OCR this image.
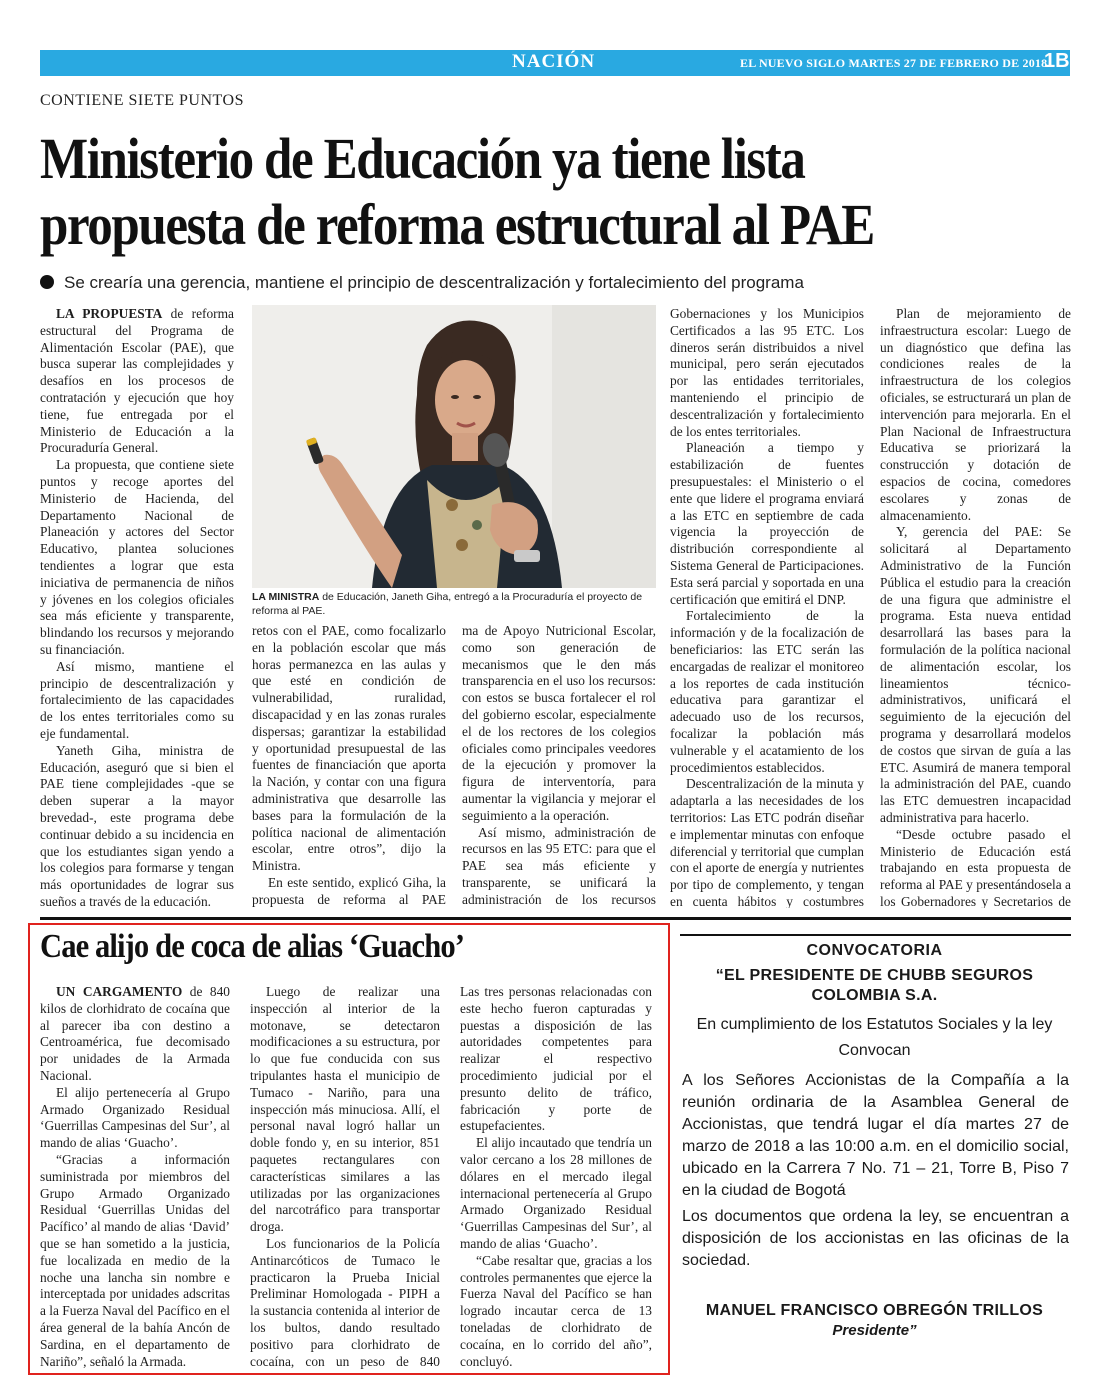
NACIÓN	EL NUEVO SIGLO MARTES 27 DE FEBRERO DE 2018
1B
CONTIENE SIETE PUNTOS
Ministerio de Educación ya tiene lista propuesta de reforma estructural al PAE
Se crearía una gerencia, mantiene el principio de descentralización y fortalecimiento del programa

LA PROPUESTA de reforma estructural del Programa de Alimentación Escolar (PAE), que busca superar las complejidades y desafíos en los procesos de contratación y ejecución que hoy tiene, fue entregada por el Ministerio de Educación a la Procuraduría General.

La propuesta, que contiene siete puntos y recoge aportes del Ministerio de Hacienda, del Departamento Nacional de Planeación y actores del Sector Educativo, plantea soluciones tendientes a lograr que esta iniciativa de permanencia de niños y jóvenes en los colegios oficiales sea más eficiente y transparente, blindando los recursos y mejorando su financiación.

Así mismo, mantiene el principio de descentralización y fortalecimiento de las capacidades de los entes territoriales como su eje fundamental.

Yaneth Giha, ministra de Educación, aseguró que si bien el PAE tiene complejidades -que se deben superar a la mayor brevedad-, este programa debe continuar debido a su incidencia en que los estudiantes sigan yendo a los colegios para formarse y tengan más oportunidades de lograr sus sueños a través de la educación.

LA MINISTRA de Educación, Janeth Giha, entregó a la Procuraduría el proyecto de reforma al PAE.

retos con el PAE, como focalizarlo en la población escolar que más horas permanezca en las aulas y que esté en condición de vulnerabilidad, ruralidad, discapacidad y en las zonas rurales dispersas; garantizar la estabilidad y oportunidad presupuestal de las fuentes de financiación que aporta la Nación, y contar con una figura administrativa que desarrolle las bases para la formulación de la política nacional de alimentación escolar, entre otros”, dijo la Ministra.

En este sentido, explicó Giha, la propuesta de reforma al PAE

ma de Apoyo Nutricional Escolar, como son generación de mecanismos que le den más transparencia en el uso los recursos: con estos se busca fortalecer el rol del gobierno escolar, especialmente el de los rectores de los colegios oficiales como principales veedores de la ejecución y promover la figura de interventoría, para aumentar la vigilancia y mejorar el seguimiento a la operación.

Así mismo, administración de recursos en las 95 ETC: para que el PAE sea más eficiente y transparente, se unificará la administración de los recursos

Gobernaciones y los Municipios Certificados a las 95 ETC. Los dineros serán distribuidos a nivel municipal, pero serán ejecutados por las entidades territoriales, manteniendo el principio de descentralización y fortalecimiento de los entes territoriales.

Planeación a tiempo y estabilización de fuentes presupuestales: el Ministerio o el ente que lidere el programa enviará a las ETC en septiembre de cada vigencia la proyección de distribución correspondiente al Sistema General de Participaciones. Esta será parcial y soportada en una certificación que emitirá el DNP.

Fortalecimiento de la información y de la focalización de beneficiarios: las ETC serán las encargadas de realizar el monitoreo a los reportes de cada institución educativa para garantizar el adecuado uso de los recursos, focalizar la población más vulnerable y el acatamiento de los procedimientos establecidos.

Descentralización de la minuta y adaptarla a las necesidades de los territorios: Las ETC podrán diseñar e implementar minutas con enfoque diferencial y territorial que cumplan con el aporte de energía y nutrientes por tipo de complemento, y tengan en cuenta hábitos y costumbres

Plan de mejoramiento de infraestructura escolar: Luego de un diagnóstico que defina las condiciones reales de la infraestructura de los colegios oficiales, se estructurará un plan de intervención para mejorarla. En el Plan Nacional de Infraestructura Educativa se priorizará la construcción y dotación de espacios de cocina, comedores escolares y zonas de almacenamiento.

Y, gerencia del PAE: Se solicitará al Departamento Administrativo de la Función Pública el estudio para la creación de una figura que administre el programa. Esta nueva entidad desarrollará las bases para la formulación de la política nacional de alimentación escolar, los lineamientos técnico-administrativos, unificará el seguimiento de la ejecución del programa y desarrollará modelos de costos que sirvan de guía a las ETC. Asumirá de manera temporal la administración del PAE, cuando las ETC demuestren incapacidad administrativa para hacerlo.

“Desde octubre pasado el Ministerio de Educación está trabajando en esta propuesta de reforma al PAE y presentándosela a los Gobernadores y Secretarios de

Cae alijo de coca de alias ‘Guacho’

UN CARGAMENTO de 840 kilos de clorhidrato de cocaína que al parecer iba con destino a Centroamérica, fue decomisado por unidades de la Armada Nacional.

El alijo pertenecería al Grupo Armado Organizado Residual ‘Guerrillas Campesinas del Sur’, al mando de alias ‘Guacho’.

“Gracias a información suministrada por miembros del Grupo Armado Organizado Residual ‘Guerrillas Unidas del Pacífico’ al mando de alias ‘David’ que se han sometido a la justicia, fue localizada en medio de la noche una lancha sin nombre e interceptada por unidades adscritas a la Fuerza Naval del Pacífico en el área general de la bahía Ancón de Sardina, en el departamento de Nariño”, señaló la Armada.

Luego de realizar una inspección al interior de la motonave, se detectaron modificaciones a su estructura, por lo que fue conducida con sus tripulantes hasta el municipio de Tumaco - Nariño, para una inspección más minuciosa. Allí, el personal naval logró hallar un doble fondo y, en su interior, 851 paquetes rectangulares con características similares a las utilizadas por las organizaciones del narcotráfico para transportar droga.

Los funcionarios de la Policía Antinarcóticos de Tumaco le practicaron la Prueba Inicial Preliminar Homologada - PIPH a la sustancia contenida al interior de los bultos, dando resultado positivo para clorhidrato de cocaína, con un peso de 840

Las tres personas relacionadas con este hecho fueron capturadas y puestas a disposición de las autoridades competentes para realizar el respectivo procedimiento judicial por el presunto delito de tráfico, fabricación y porte de estupefacientes.

El alijo incautado que tendría un valor cercano a los 28 millones de dólares en el mercado ilegal internacional pertenecería al Grupo Armado Organizado Residual ‘Guerrillas Campesinas del Sur’, al mando de alias ‘Guacho’.

“Cabe resaltar que, gracias a los controles permanentes que ejerce la Fuerza Naval del Pacífico se han logrado incautar cerca de 13 toneladas de clorhidrato de cocaína, en lo corrido del año”, concluyó.

CONVOCATORIA
“EL PRESIDENTE DE CHUBB SEGUROS COLOMBIA S.A.
En cumplimiento de los Estatutos Sociales y la ley
Convocan
A los Señores Accionistas de la Compañía a la reunión ordinaria de la Asamblea General de Accionistas, que tendrá lugar el día martes 27 de marzo de 2018 a las 10:00 a.m. en el domicilio social, ubicado en la Carrera 7 No. 71 – 21, Torre B, Piso 7 en la ciudad de Bogotá
Los documentos que ordena la ley, se encuentran a disposición de los accionistas en las oficinas de la sociedad.
MANUEL FRANCISCO OBREGÓN TRILLOS
Presidente”
